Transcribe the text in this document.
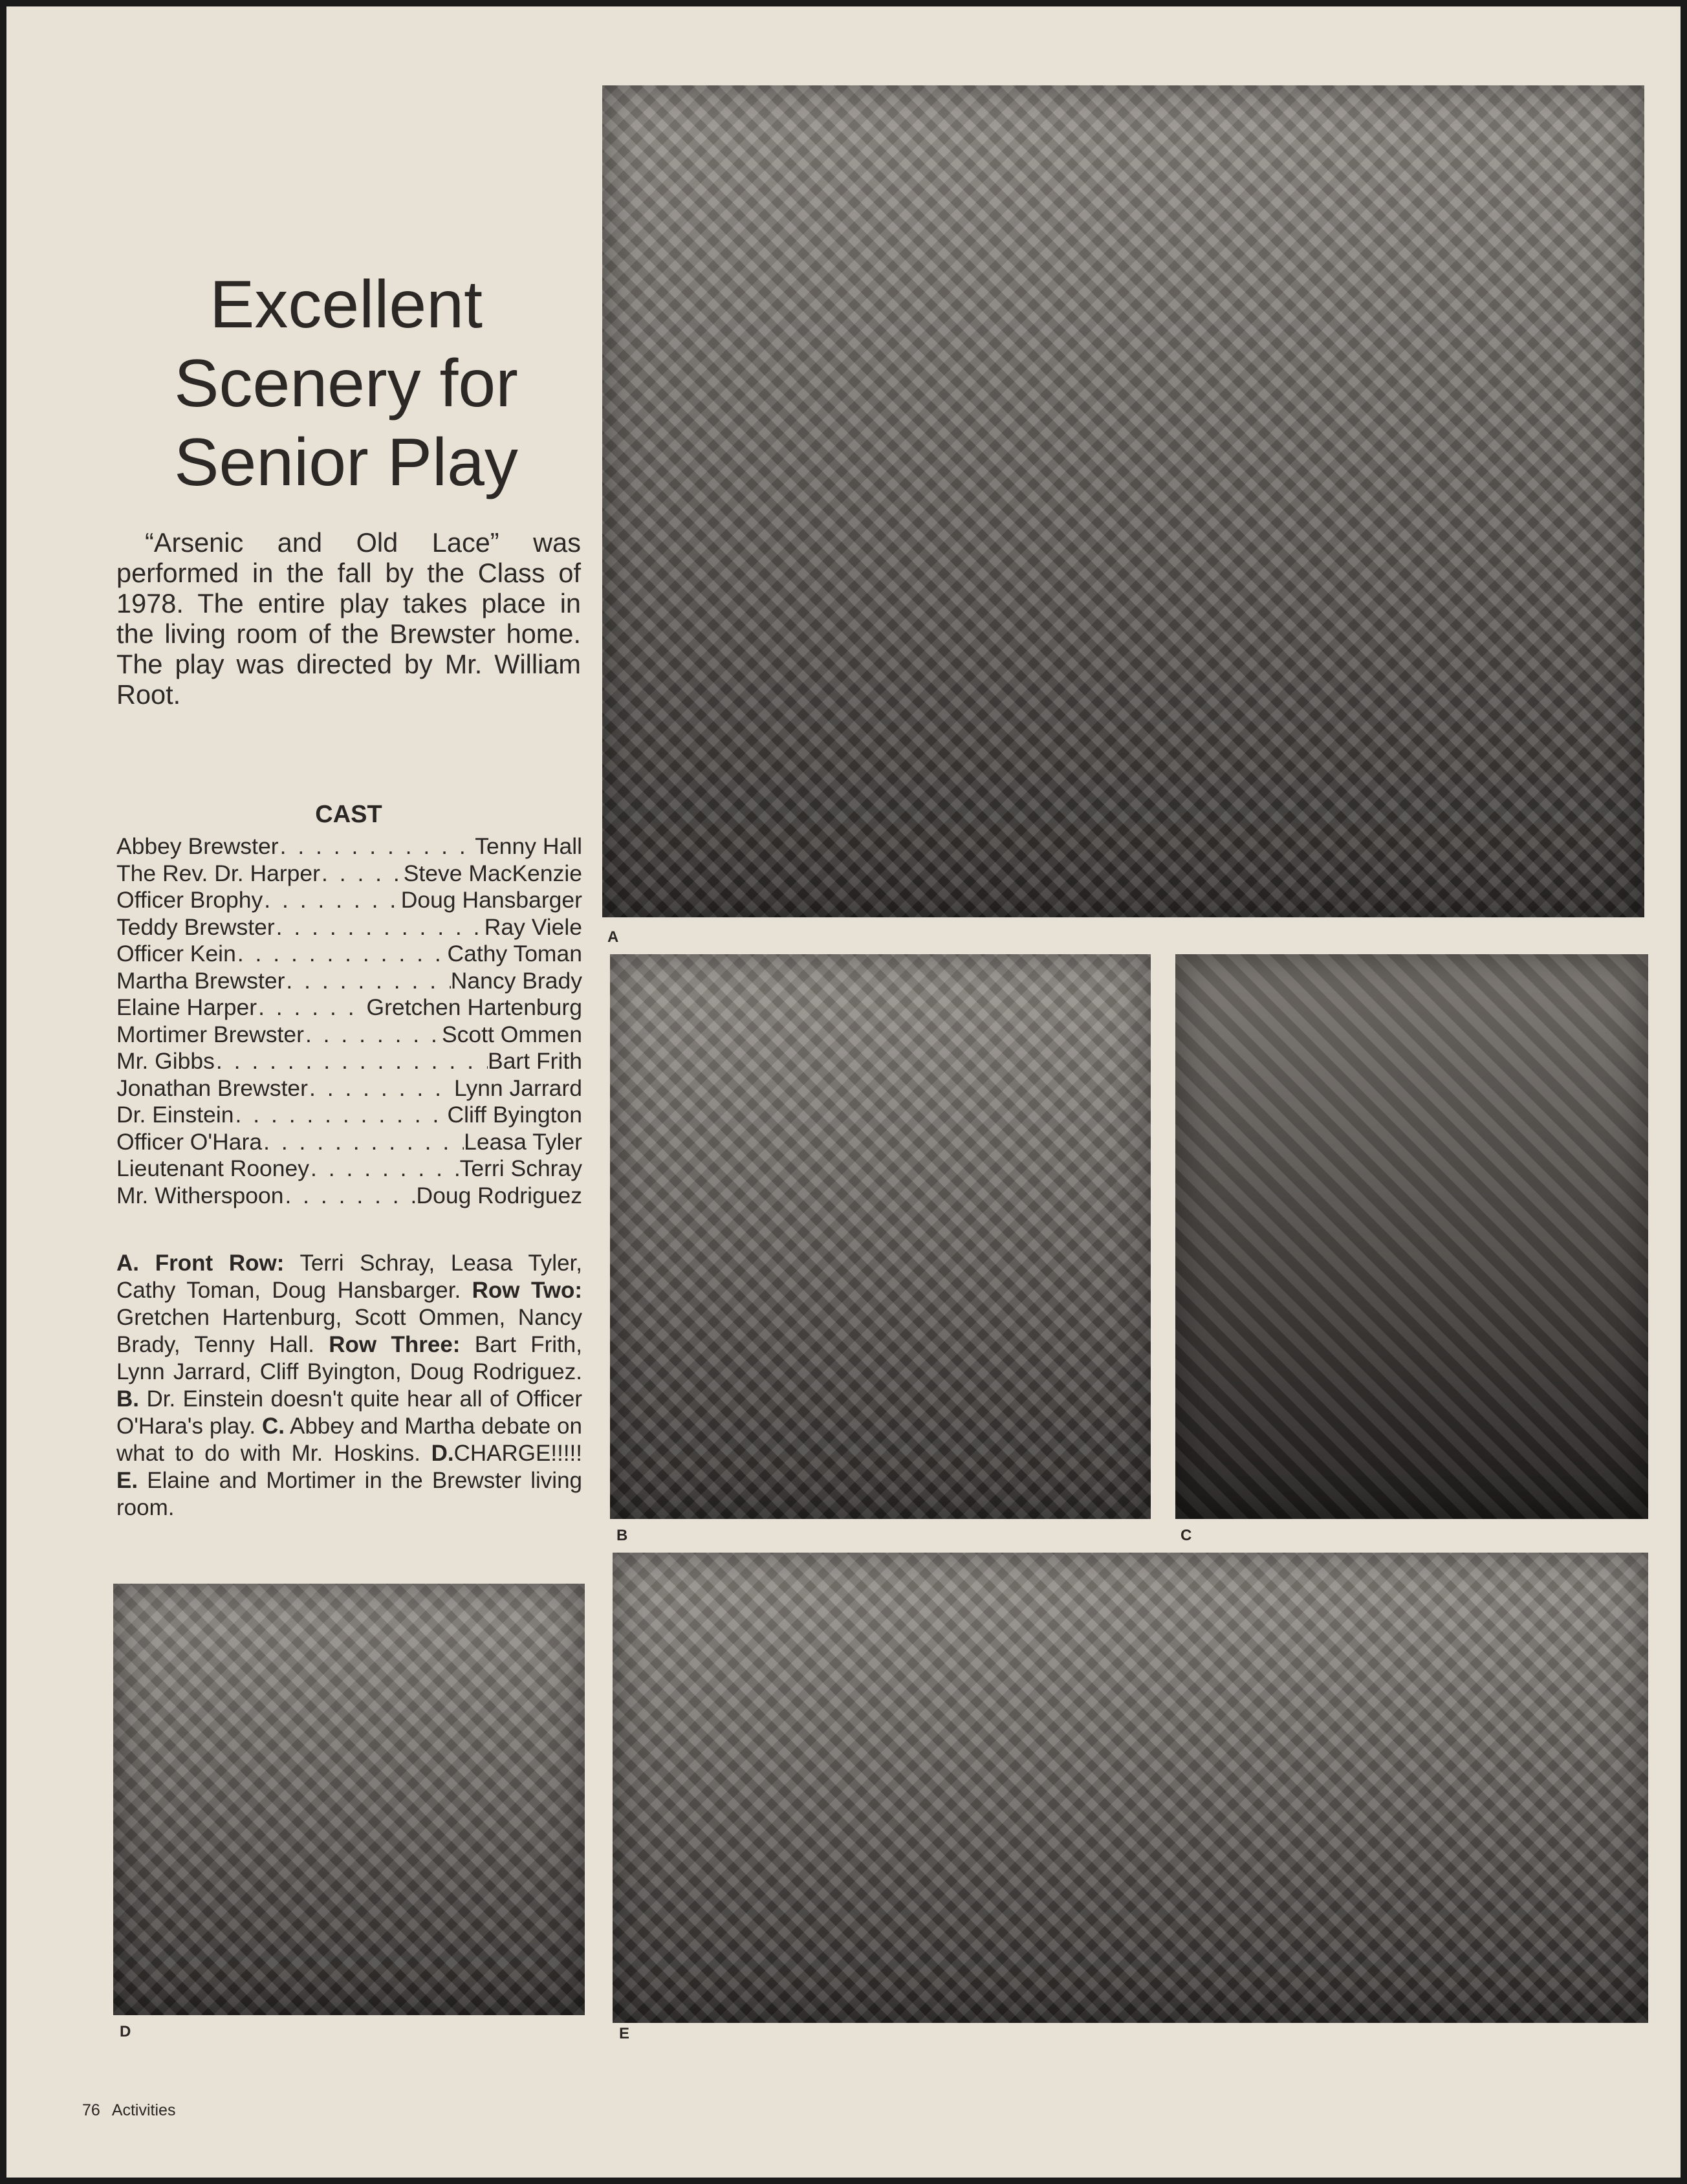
Excellent
Scenery for
Senior Play

“Arsenic and Old Lace” was performed in the fall by the Class of 1978. The entire play takes place in the living room of the Brewster home. The play was directed by Mr. William Root.

CAST
Abbey Brewster . . .	Tenny Hall
The Rev. Dr. Harper . . .	Steve MacKenzie
Officer Brophy . . .	Doug Hansbarger
Teddy Brewster . . .	Ray Viele
Officer Kein . . .	Cathy Toman
Martha Brewster . . .	Nancy Brady
Elaine Harper . . .	Gretchen Hartenburg
Mortimer Brewster . . .	Scott Ommen
Mr. Gibbs . . .	Bart Frith
Jonathan Brewster . . .	Lynn Jarrard
Dr. Einstein . . .	Cliff Byington
Officer O'Hara . . .	Leasa Tyler
Lieutenant Rooney . . .	Terri Schray
Mr. Witherspoon . . .	Doug Rodriguez

A. Front Row: Terri Schray, Leasa Tyler, Cathy Toman, Doug Hansbarger. Row Two: Gretchen Hartenburg, Scott Ommen, Nancy Brady, Tenny Hall. Row Three: Bart Frith, Lynn Jarrard, Cliff Byington, Doug Rodriguez. B. Dr. Einstein doesn't quite hear all of Officer O'Hara's play. C. Abbey and Martha debate on what to do with Mr. Hoskins. D.CHARGE!!!!! E. Elaine and Mortimer in the Brewster living room.

A
B	C
D	E

76 Activities
